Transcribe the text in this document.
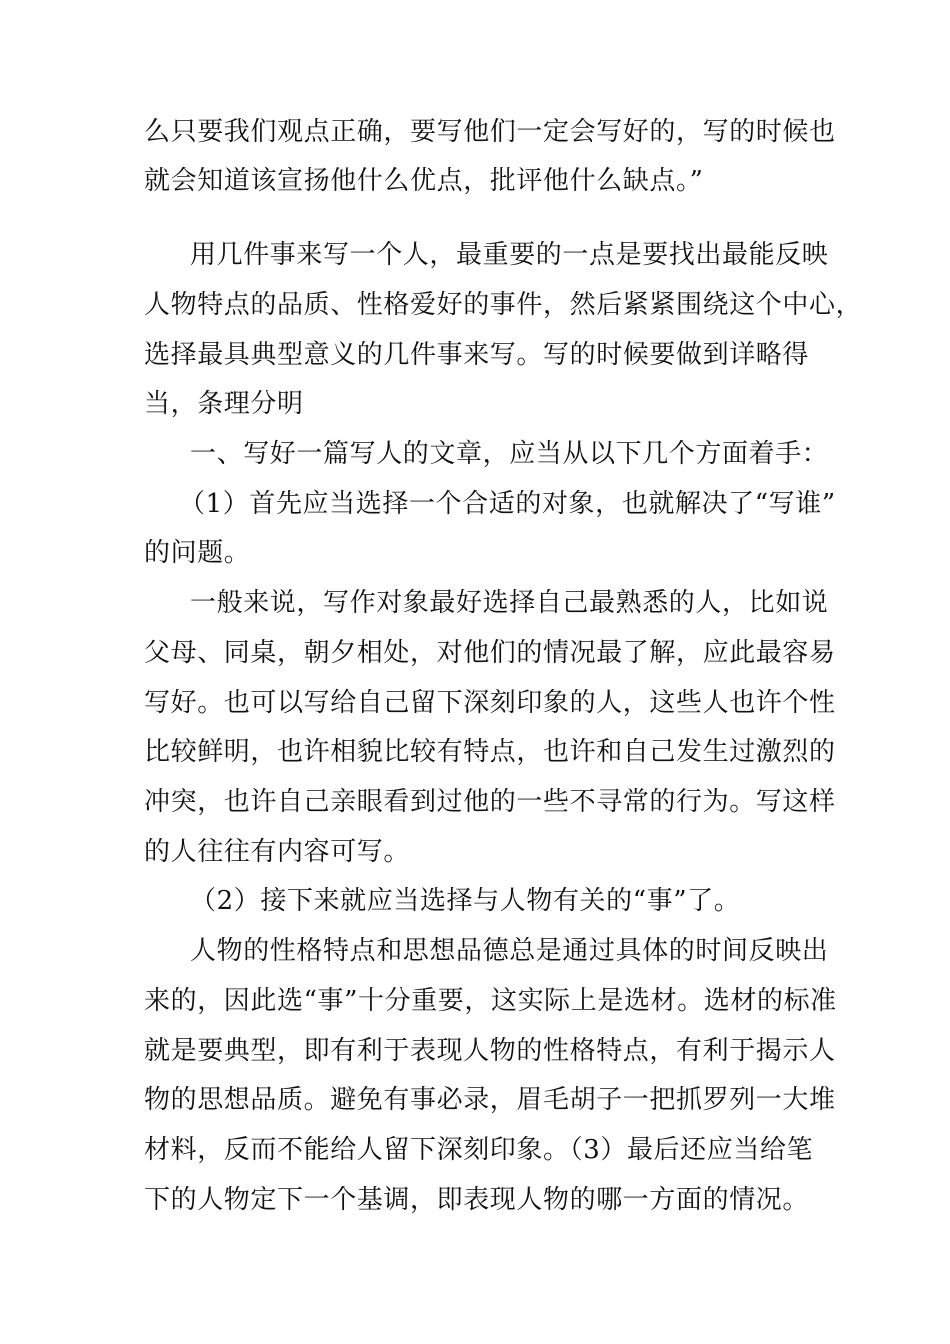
么只要我们观点正确，要写他们一定会写好的，写的时候也
就会知道该宣扬他什么优点，批评他什么缺点。”
用几件事来写一个人，最重要的一点是要找出最能反映
人物特点的品质、性格爱好的事件，然后紧紧围绕这个中心，
选择最具典型意义的几件事来写。写的时候要做到详略得
当，条理分明
一、写好一篇写人的文章，应当从以下几个方面着手：
（1）首先应当选择一个合适的对象，也就解决了“写谁”
的问题。
一般来说，写作对象最好选择自己最熟悉的人，比如说
父母、同桌，朝夕相处，对他们的情况最了解，应此最容易
写好。也可以写给自己留下深刻印象的人，这些人也许个性
比较鲜明，也许相貌比较有特点，也许和自己发生过激烈的
冲突，也许自己亲眼看到过他的一些不寻常的行为。写这样
的人往往有内容可写。
（2）接下来就应当选择与人物有关的“事”了。
人物的性格特点和思想品德总是通过具体的时间反映出
来的，因此选“事”十分重要，这实际上是选材。选材的标准
就是要典型，即有利于表现人物的性格特点，有利于揭示人
物的思想品质。避免有事必录，眉毛胡子一把抓罗列一大堆
材料，反而不能给人留下深刻印象。（3）最后还应当给笔
下的人物定下一个基调，即表现人物的哪一方面的情况。
